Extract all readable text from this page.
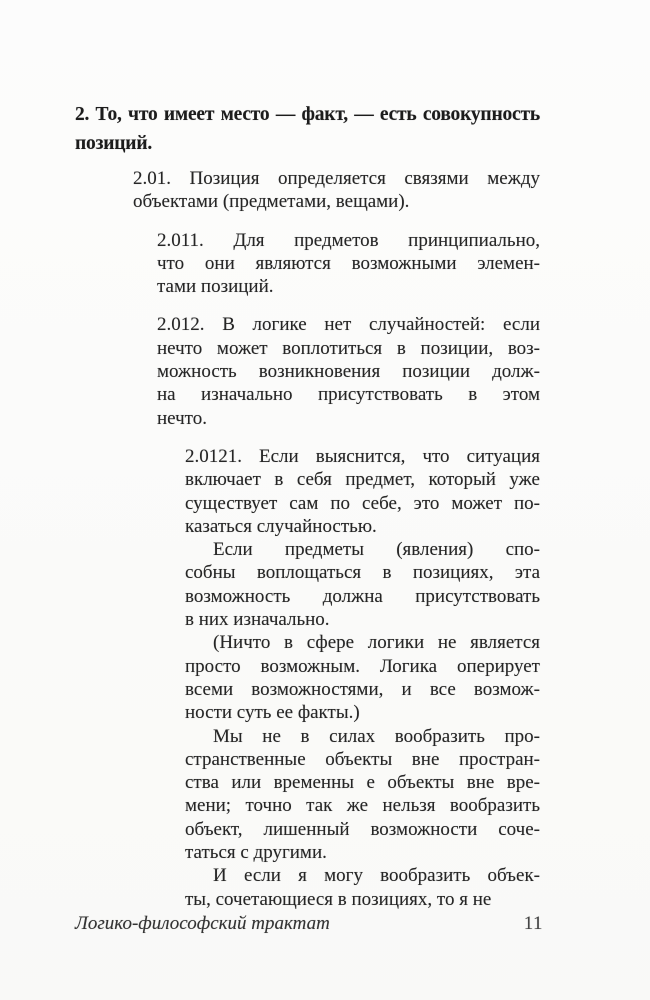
2. То, что имеет место — факт, — есть совокупность
позиций.
2.01. Позиция определяется связями между
объектами (предметами, вещами).
2.011. Для предметов принципиально,
что они являются возможными элемен-
тами позиций.
2.012. В логике нет случайностей: если
нечто может воплотиться в позиции, воз-
можность возникновения позиции долж-
на изначально присутствовать в этом
нечто.
2.0121. Если выяснится, что ситуация
включает в себя предмет, который уже
существует сам по себе, это может по-
казаться случайностью.
Если предметы (явления) спо-
собны воплощаться в позициях, эта
возможность должна присутствовать
в них изначально.
(Ничто в сфере логики не является
просто возможным. Логика оперирует
всеми возможностями, и все возмож-
ности суть ее факты.)
Мы не в силах вообразить про-
странственные объекты вне простран-
ства или временны е объекты вне вре-
мени; точно так же нельзя вообразить
объект, лишенный возможности соче-
таться с другими.
И если я могу вообразить объек-
ты, сочетающиеся в позициях, то я не
Логико-философский трактат	11
